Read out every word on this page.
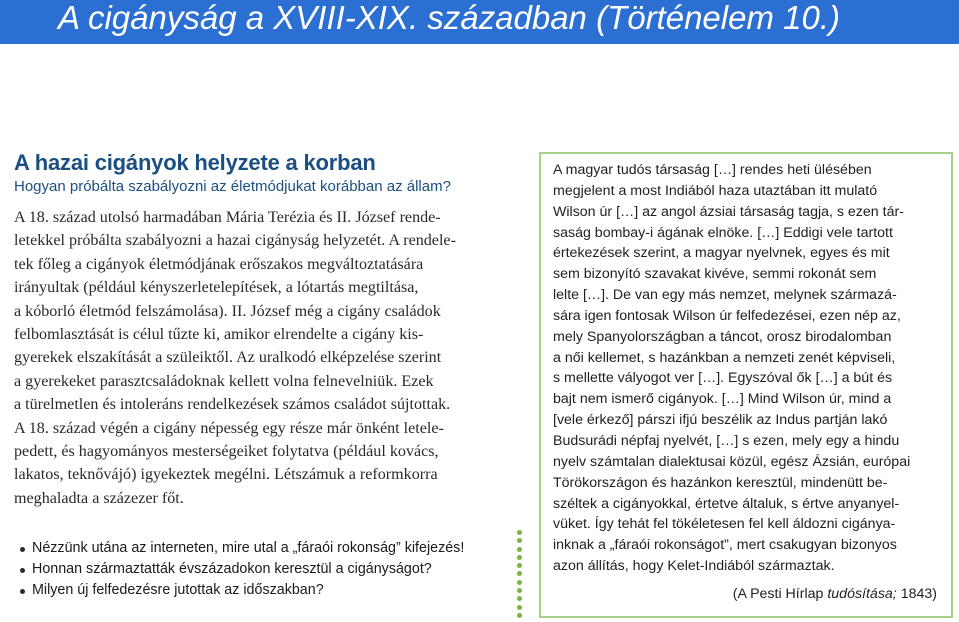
A cigányság a XVIII-XIX. században (Történelem 10.)
A hazai cigányok helyzete a korban
Hogyan próbálta szabályozni az életmódjukat korábban az állam?
A 18. század utolsó harmadában Mária Terézia és II. József rende-
letekkel próbálta szabályozni a hazai cigányság helyzetét. A rendele-
tek főleg a cigányok életmódjának erőszakos megváltoztatására
irányultak (például kényszerletelepítések, a lótartás megtiltása,
a kóborló életmód felszámolása). II. József még a cigány családok
felbomlasztását is célul tűzte ki, amikor elrendelte a cigány kis-
gyerekek elszakítását a szüleiktől. Az uralkodó elképzelése szerint
a gyerekeket parasztcsaládoknak kellett volna felnevelniük. Ezek
a türelmetlen és intoleráns rendelkezések számos családot sújtottak.
A 18. század végén a cigány népesség egy része már önként letele-
pedett, és hagyományos mesterségeiket folytatva (például kovács,
lakatos, teknővájó) igyekeztek megélni. Létszámuk a reformkorra
meghaladta a százezer főt.
Nézzünk utána az interneten, mire utal a „fáraói rokonság” kifejezés!
Honnan származtatták évszázadokon keresztül a cigányságot?
Milyen új felfedezésre jutottak az időszakban?
A magyar tudós társaság […] rendes heti ülésében
megjelent a most Indiából haza utaztában itt mulató
Wilson úr […] az angol ázsiai társaság tagja, s ezen tár-
saság bombay-i ágának elnöke. […] Eddigi vele tartott
értekezések szerint, a magyar nyelvnek, egyes és mit
sem bizonyító szavakat kivéve, semmi rokonát sem
lelte […]. De van egy más nemzet, melynek származá-
sára igen fontosak Wilson úr felfedezései, ezen nép az,
mely Spanyolországban a táncot, orosz birodalomban
a női kellemet, s hazánkban a nemzeti zenét képviseli,
s mellette vályogot ver […]. Egyszóval ők […] a bút és
bajt nem ismerő cigányok. […] Mind Wilson úr, mind a
[vele érkező] párszi ifjú beszélik az Indus partján lakó
Budsurádi népfaj nyelvét, […] s ezen, mely egy a hindu
nyelv számtalan dialektusai közül, egész Ázsián, európai
Törökországon és hazánkon keresztül, mindenütt be-
széltek a cigányokkal, értetve általuk, s értve anyanyel-
vüket. Így tehát fel tökéletesen fel kell áldozni cigánya-
inknak a „fáraói rokonságot”, mert csakugyan bizonyos
azon állítás, hogy Kelet-Indiából származtak.
(A Pesti Hírlap tudósítása; 1843)
